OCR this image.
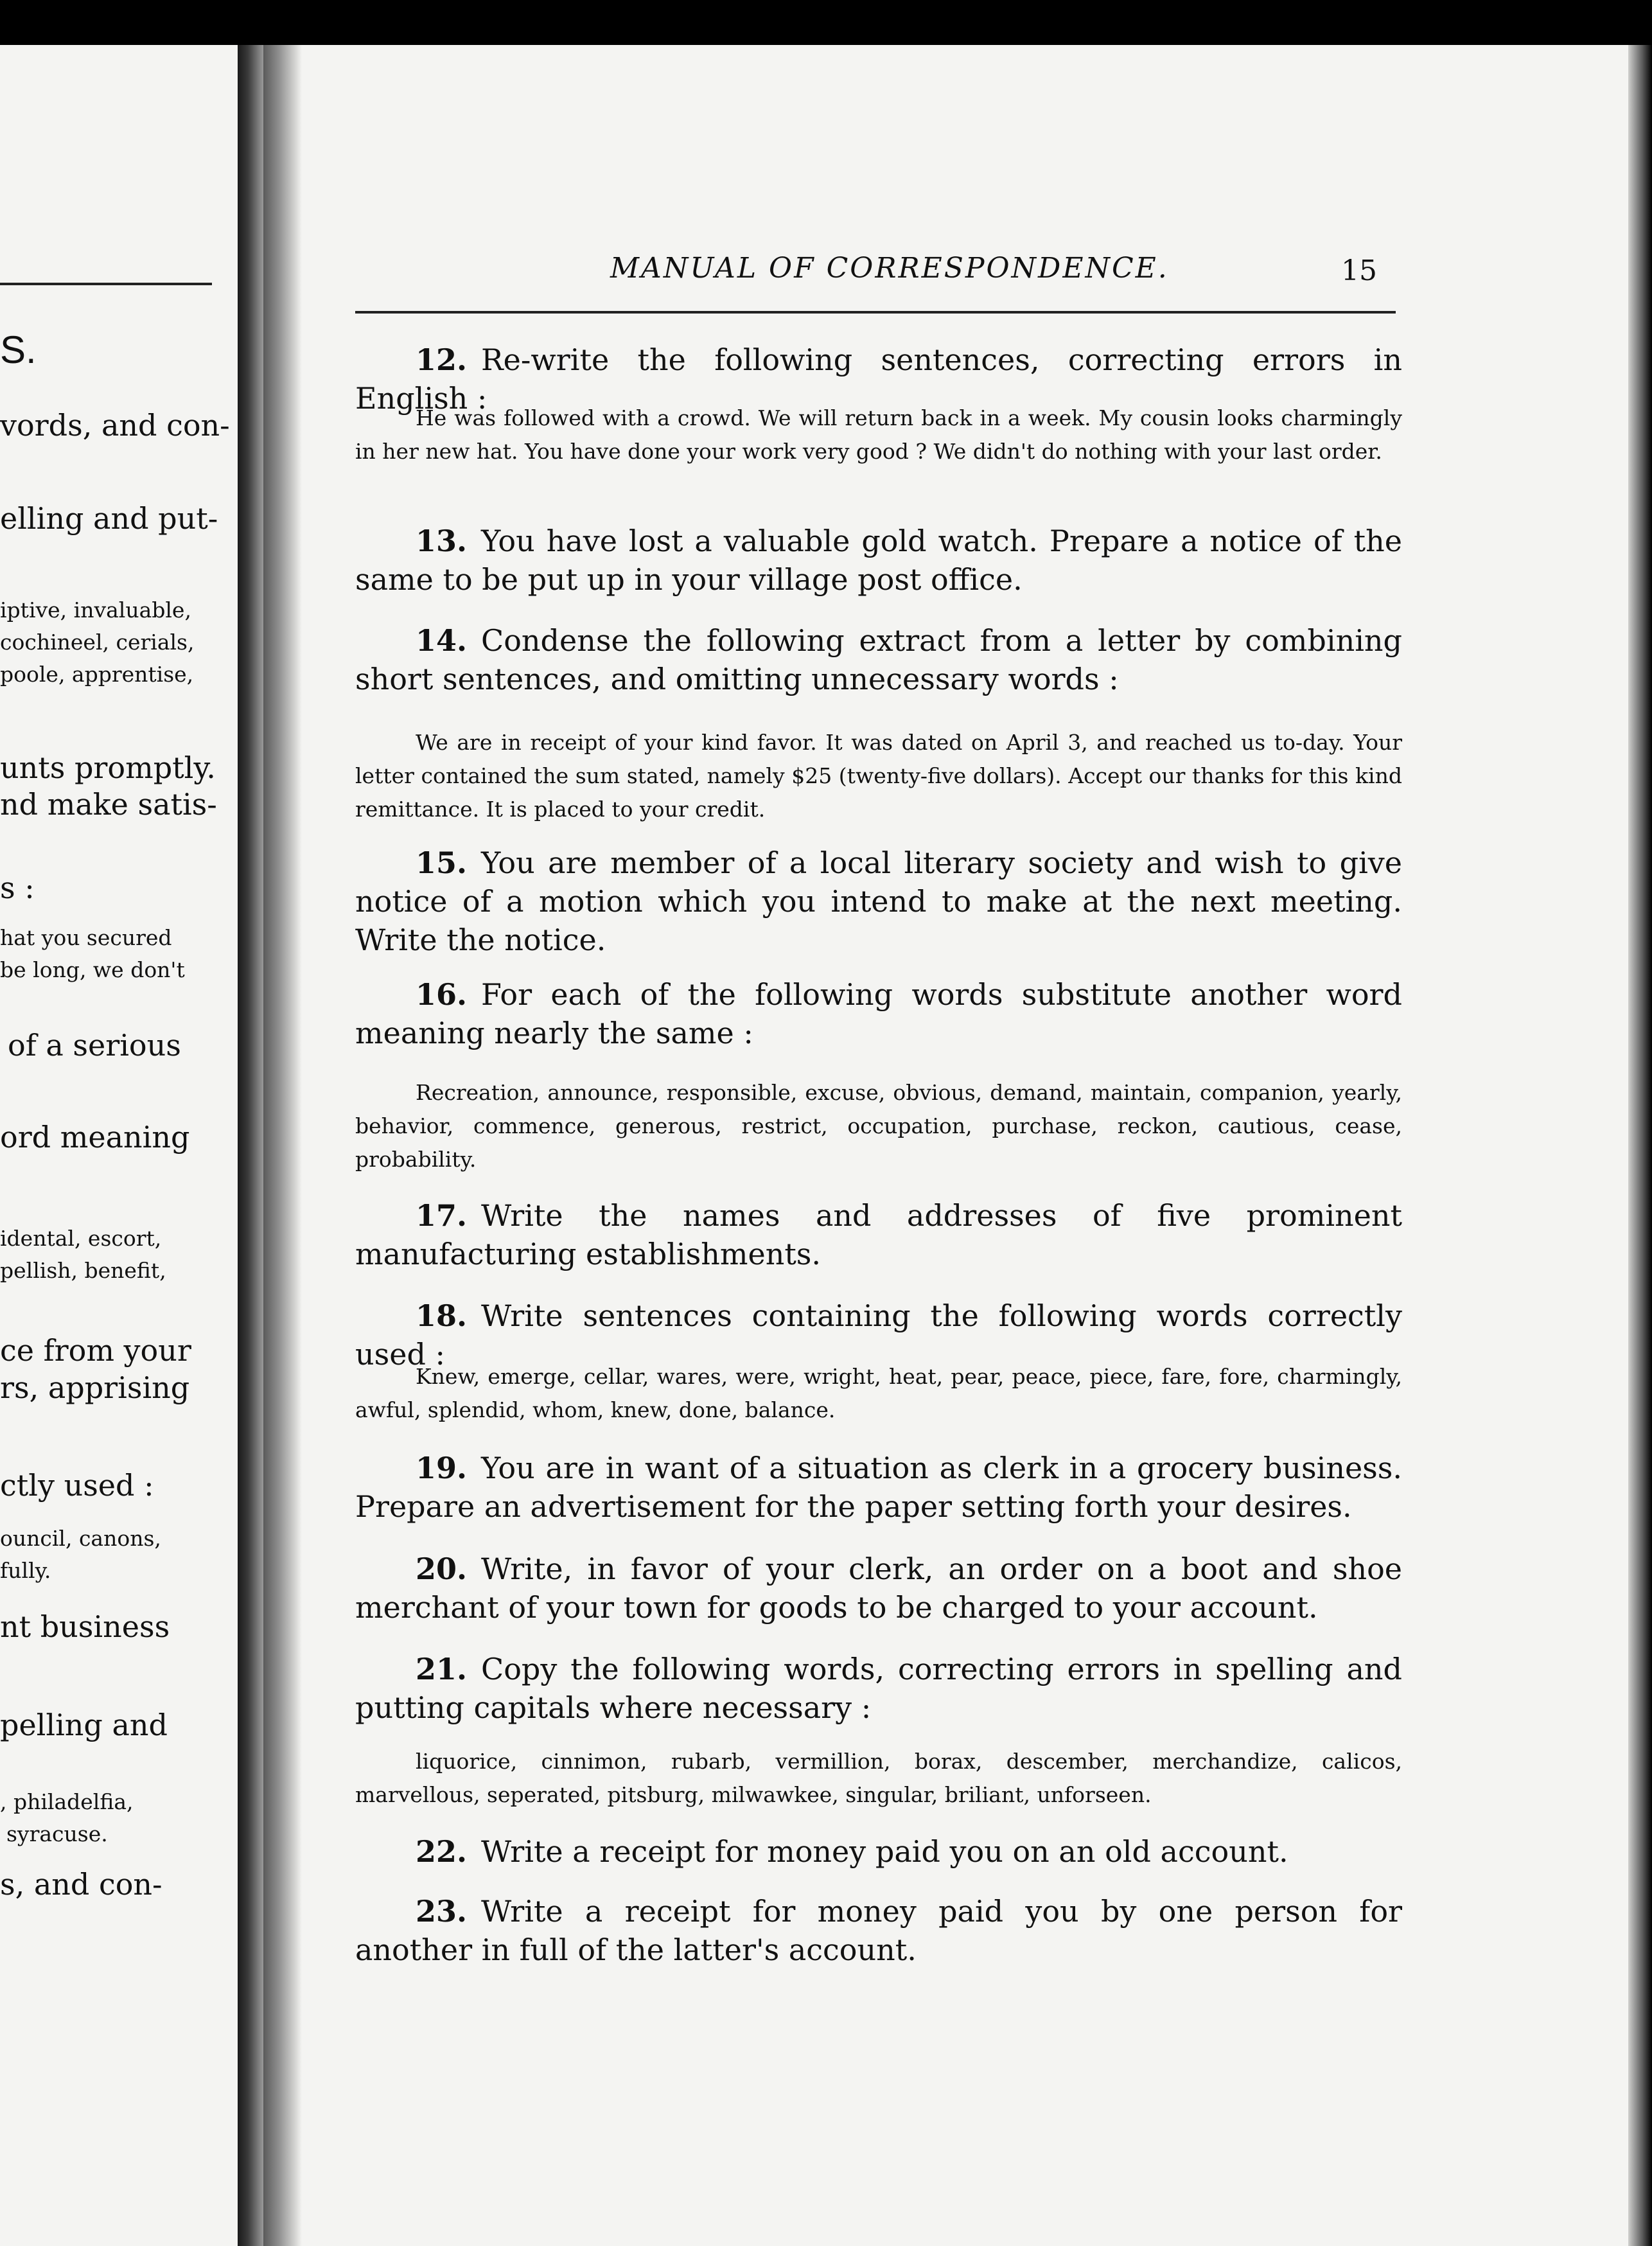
S.
vords, and con-
elling and put-
iptive, invaluable,
cochineel, cerials,
poole, apprentise,
unts promptly.
nd make satis-
s :
hat you secured
be long, we don't
of a serious
ord meaning
idental, escort,
pellish, benefit,
ce from your
rs, apprising
ctly used :
ouncil, canons,
fully.
nt business
pelling and
, philadelfia,
syracuse.
s, and con-
MANUAL OF CORRESPONDENCE.	15
12. Re-write the following sentences, correcting errors in English :
He was followed with a crowd. We will return back in a week. My cousin looks charmingly in her new hat. You have done your work very good ? We didn't do nothing with your last order.
13. You have lost a valuable gold watch. Prepare a notice of the same to be put up in your village post office.
14. Condense the following extract from a letter by combining short sentences, and omitting unnecessary words :
We are in receipt of your kind favor. It was dated on April 3, and reached us to-day. Your letter contained the sum stated, namely $25 (twenty-five dollars). Accept our thanks for this kind remittance. It is placed to your credit.
15. You are member of a local literary society and wish to give notice of a motion which you intend to make at the next meeting. Write the notice.
16. For each of the following words substitute another word meaning nearly the same :
Recreation, announce, responsible, excuse, obvious, demand, maintain, companion, yearly, behavior, commence, generous, restrict, occupation, purchase, reckon, cautious, cease, probability.
17. Write the names and addresses of five prominent manufacturing establishments.
18. Write sentences containing the following words correctly used :
Knew, emerge, cellar, wares, were, wright, heat, pear, peace, piece, fare, fore, charmingly, awful, splendid, whom, knew, done, balance.
19. You are in want of a situation as clerk in a grocery business. Prepare an advertisement for the paper setting forth your desires.
20. Write, in favor of your clerk, an order on a boot and shoe merchant of your town for goods to be charged to your account.
21. Copy the following words, correcting errors in spelling and putting capitals where necessary :
liquorice, cinnimon, rubarb, vermillion, borax, descember, merchandize, calicos, marvellous, seperated, pitsburg, milwawkee, singular, briliant, unforseen.
22. Write a receipt for money paid you on an old account.
23. Write a receipt for money paid you by one person for another in full of the latter's account.
